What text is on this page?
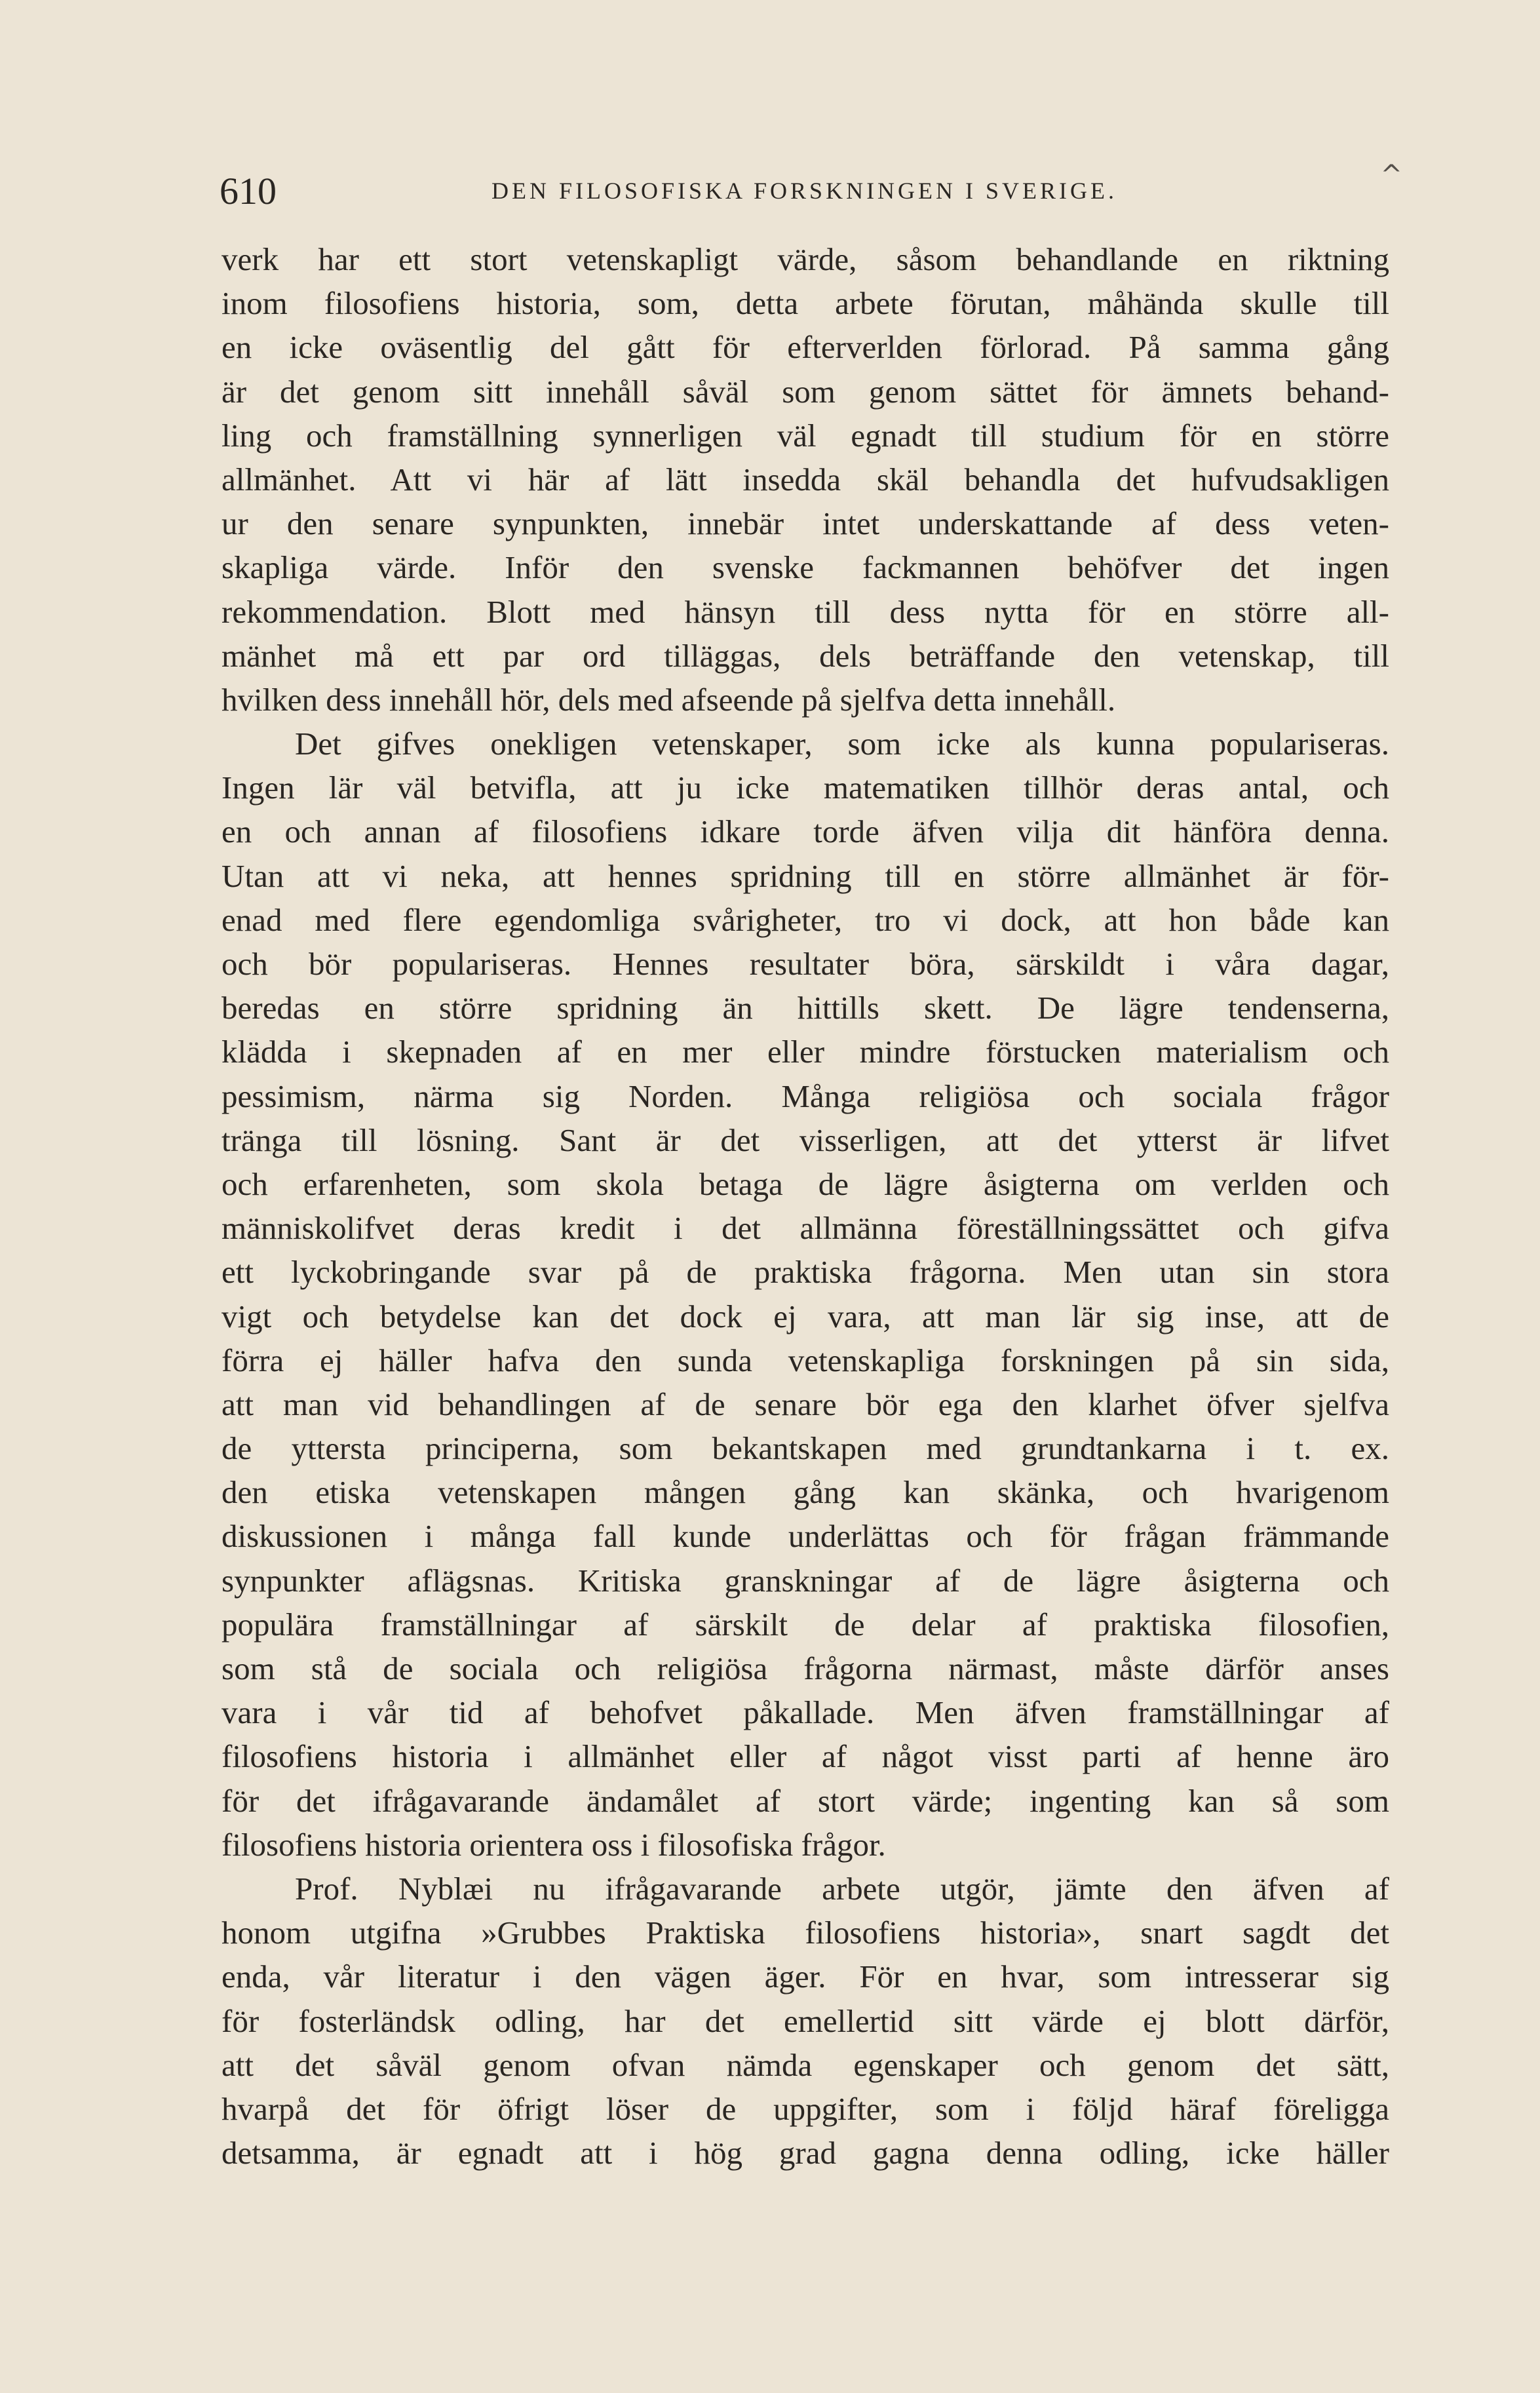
610	DEN FILOSOFISKA FORSKNINGEN I SVERIGE.
^
verk har ett stort vetenskapligt värde, såsom behandlande en riktning
inom filosofiens historia, som, detta arbete förutan, måhända skulle till
en icke oväsentlig del gått för efterverlden förlorad. På samma gång
är det genom sitt innehåll såväl som genom sättet för ämnets behand-
ling och framställning synnerligen väl egnadt till studium för en större
allmänhet. Att vi här af lätt insedda skäl behandla det hufvudsakligen
ur den senare synpunkten, innebär intet underskattande af dess veten-
skapliga värde. Inför den svenske fackmannen behöfver det ingen
rekommendation. Blott med hänsyn till dess nytta för en större all-
mänhet må ett par ord tilläggas, dels beträffande den vetenskap, till
hvilken dess innehåll hör, dels med afseende på sjelfva detta innehåll.
Det gifves onekligen vetenskaper, som icke als kunna populariseras.
Ingen lär väl betvifla, att ju icke matematiken tillhör deras antal, och
en och annan af filosofiens idkare torde äfven vilja dit hänföra denna.
Utan att vi neka, att hennes spridning till en större allmänhet är för-
enad med flere egendomliga svårigheter, tro vi dock, att hon både kan
och bör populariseras. Hennes resultater böra, särskildt i våra dagar,
beredas en större spridning än hittills skett. De lägre tendenserna,
klädda i skepnaden af en mer eller mindre förstucken materialism och
pessimism, närma sig Norden. Många religiösa och sociala frågor
tränga till lösning. Sant är det visserligen, att det ytterst är lifvet
och erfarenheten, som skola betaga de lägre åsigterna om verlden och
människolifvet deras kredit i det allmänna föreställningssättet och gifva
ett lyckobringande svar på de praktiska frågorna. Men utan sin stora
vigt och betydelse kan det dock ej vara, att man lär sig inse, att de
förra ej häller hafva den sunda vetenskapliga forskningen på sin sida,
att man vid behandlingen af de senare bör ega den klarhet öfver sjelfva
de yttersta principerna, som bekantskapen med grundtankarna i t. ex.
den etiska vetenskapen mången gång kan skänka, och hvarigenom
diskussionen i många fall kunde underlättas och för frågan främmande
synpunkter aflägsnas. Kritiska granskningar af de lägre åsigterna och
populära framställningar af särskilt de delar af praktiska filosofien,
som stå de sociala och religiösa frågorna närmast, måste därför anses
vara i vår tid af behofvet påkallade. Men äfven framställningar af
filosofiens historia i allmänhet eller af något visst parti af henne äro
för det ifrågavarande ändamålet af stort värde; ingenting kan så som
filosofiens historia orientera oss i filosofiska frågor.
Prof. Nyblæi nu ifrågavarande arbete utgör, jämte den äfven af
honom utgifna »Grubbes Praktiska filosofiens historia», snart sagdt det
enda, vår literatur i den vägen äger. För en hvar, som intresserar sig
för fosterländsk odling, har det emellertid sitt värde ej blott därför,
att det såväl genom ofvan nämda egenskaper och genom det sätt,
hvarpå det för öfrigt löser de uppgifter, som i följd häraf föreligga
detsamma, är egnadt att i hög grad gagna denna odling, icke häller
